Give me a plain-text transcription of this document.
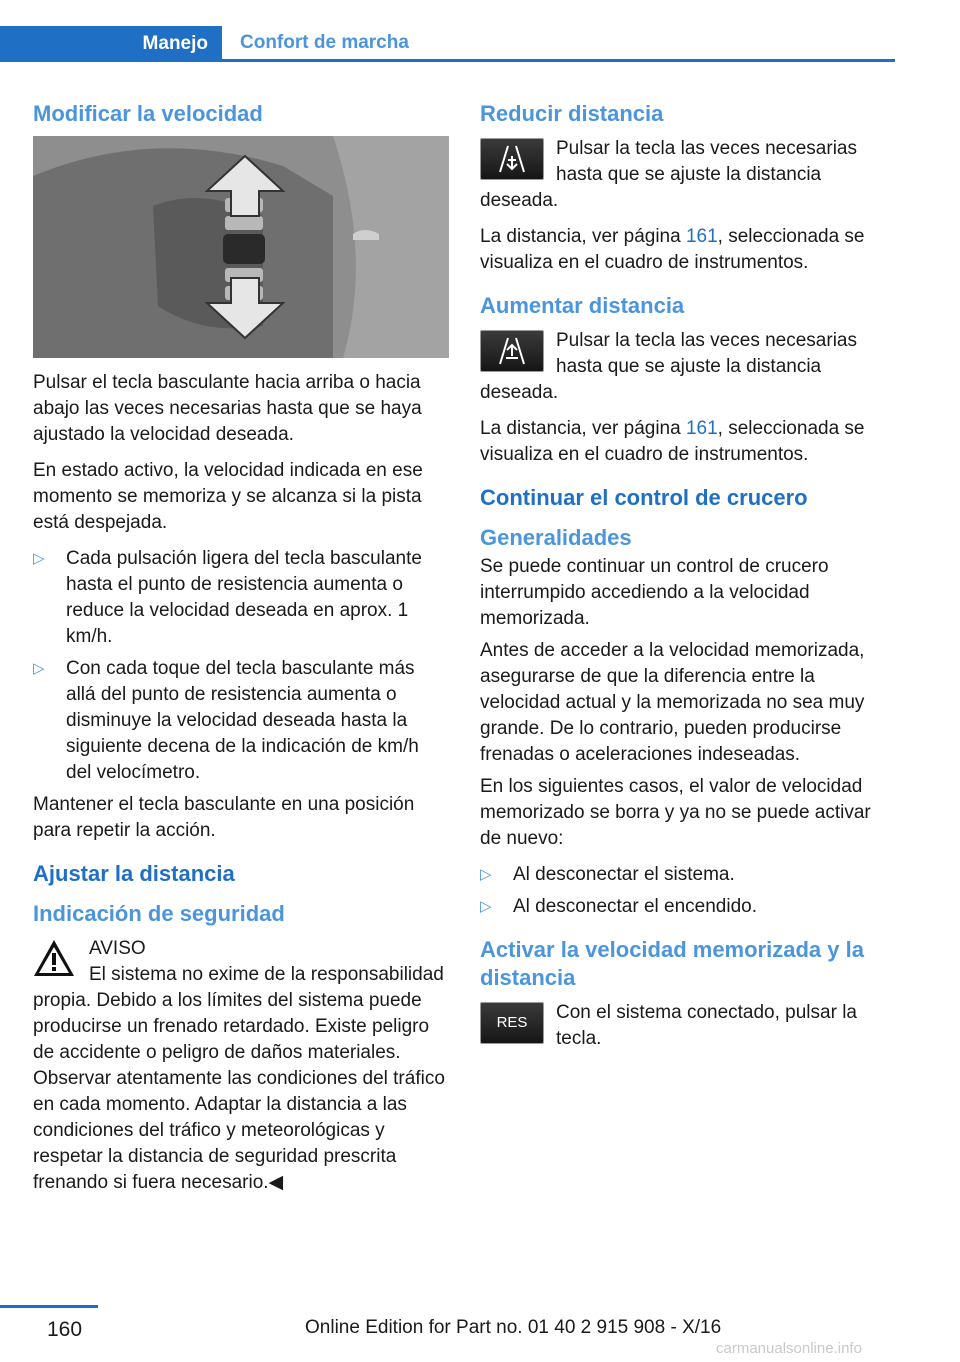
Manejo	Confort de marcha
Modificar la velocidad

Pulsar el tecla basculante hacia arriba o hacia abajo las veces necesarias hasta que se haya ajustado la velocidad deseada.

En estado activo, la velocidad indicada en ese momento se memoriza y se alcanza si la pista está despejada.

▷ Cada pulsación ligera del tecla basculante hasta el punto de resistencia aumenta o reduce la velocidad deseada en aprox. 1 km/h.
▷ Con cada toque del tecla basculante más allá del punto de resistencia aumenta o disminuye la velocidad deseada hasta la siguiente decena de la indicación de km/h del velocímetro.

Mantener el tecla basculante en una posición para repetir la acción.

Ajustar la distancia
Indicación de seguridad
AVISO
El sistema no exime de la responsabilidad propia. Debido a los límites del sistema puede producirse un frenado retardado. Existe peligro de accidente o peligro de daños materiales. Observar atentamente las condiciones del tráfico en cada momento. Adaptar la distancia a las condiciones del tráfico y meteorológicas y respetar la distancia de seguridad prescrita frenando si fuera necesario.◀
Reducir distancia
Pulsar la tecla las veces necesarias hasta que se ajuste la distancia deseada.

La distancia, ver página 161, seleccionada se visualiza en el cuadro de instrumentos.

Aumentar distancia
Pulsar la tecla las veces necesarias hasta que se ajuste la distancia deseada.

La distancia, ver página 161, seleccionada se visualiza en el cuadro de instrumentos.

Continuar el control de crucero
Generalidades

Se puede continuar un control de crucero interrumpido accediendo a la velocidad memorizada.

Antes de acceder a la velocidad memorizada, asegurarse de que la diferencia entre la velocidad actual y la memorizada no sea muy grande. De lo contrario, pueden producirse frenadas o aceleraciones indeseadas.

En los siguientes casos, el valor de velocidad memorizado se borra y ya no se puede activar de nuevo:

▷ Al desconectar el sistema.
▷ Al desconectar el encendido.
Activar la velocidad memorizada y la distancia
RES	Con el sistema conectado, pulsar la tecla.
160	Online Edition for Part no. 01 40 2 915 908 - X/16
carmanualsonline.info
